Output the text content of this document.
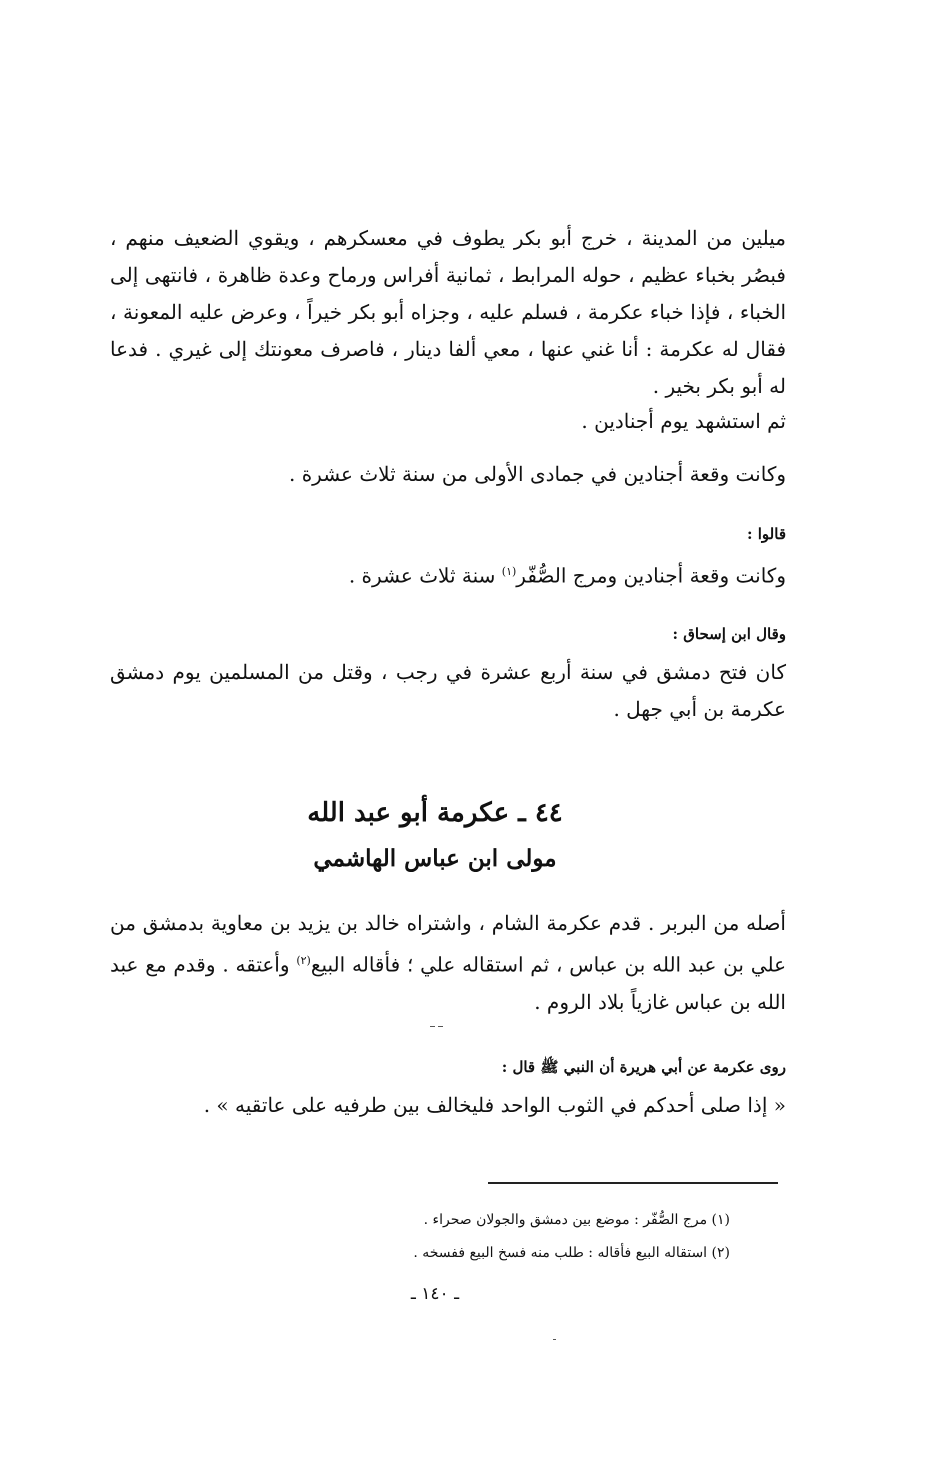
ميلين من المدينة ، خرج أبو بكر يطوف في معسكرهم ، ويقوي الضعيف منهم ، فبصُر بخباء عظيم ، حوله المرابط ، ثمانية أفراس ورماح وعدة ظاهرة ، فانتهى إلى الخباء ، فإذا خباء عكرمة ، فسلم عليه ، وجزاه أبو بكر خيراً ، وعرض عليه المعونة ، فقال له عكرمة : أنا غني عنها ، معي ألفا دينار ، فاصرف معونتك إلى غيري . فدعا له أبو بكر بخير .

ثم استشهد يوم أجنادين .

وكانت وقعة أجنادين في جمادى الأولى من سنة ثلاث عشرة .

قالوا :

وكانت وقعة أجنادين ومرج الصُّفّر$^{(١)}$ سنة ثلاث عشرة .

وقال ابن إسحاق :

كان فتح دمشق في سنة أربع عشرة في رجب ، وقتل من المسلمين يوم دمشق عكرمة بن أبي جهل .

٤٤ ـ عكرمة أبو عبد الله
مولى ابن عباس الهاشمي

أصله من البربر . قدم عكرمة الشام ، واشتراه خالد بن يزيد بن معاوية بدمشق من علي بن عبد الله بن عباس ، ثم استقاله علي ؛ فأقاله البيع$^{(٢)}$ وأعتقه . وقدم مع عبد الله بن عباس غازياً بلاد الروم .

روى عكرمة عن أبي هريرة أن النبي ﷺ قال :

« إذا صلى أحدكم في الثوب الواحد فليخالف بين طرفيه على عاتقيه » .

(١) مرج الصُّفّر : موضع بين دمشق والجولان صحراء .

(٢) استقاله البيع فأقاله : طلب منه فسخ البيع ففسخه .

ـ ١٤٠ ـ
